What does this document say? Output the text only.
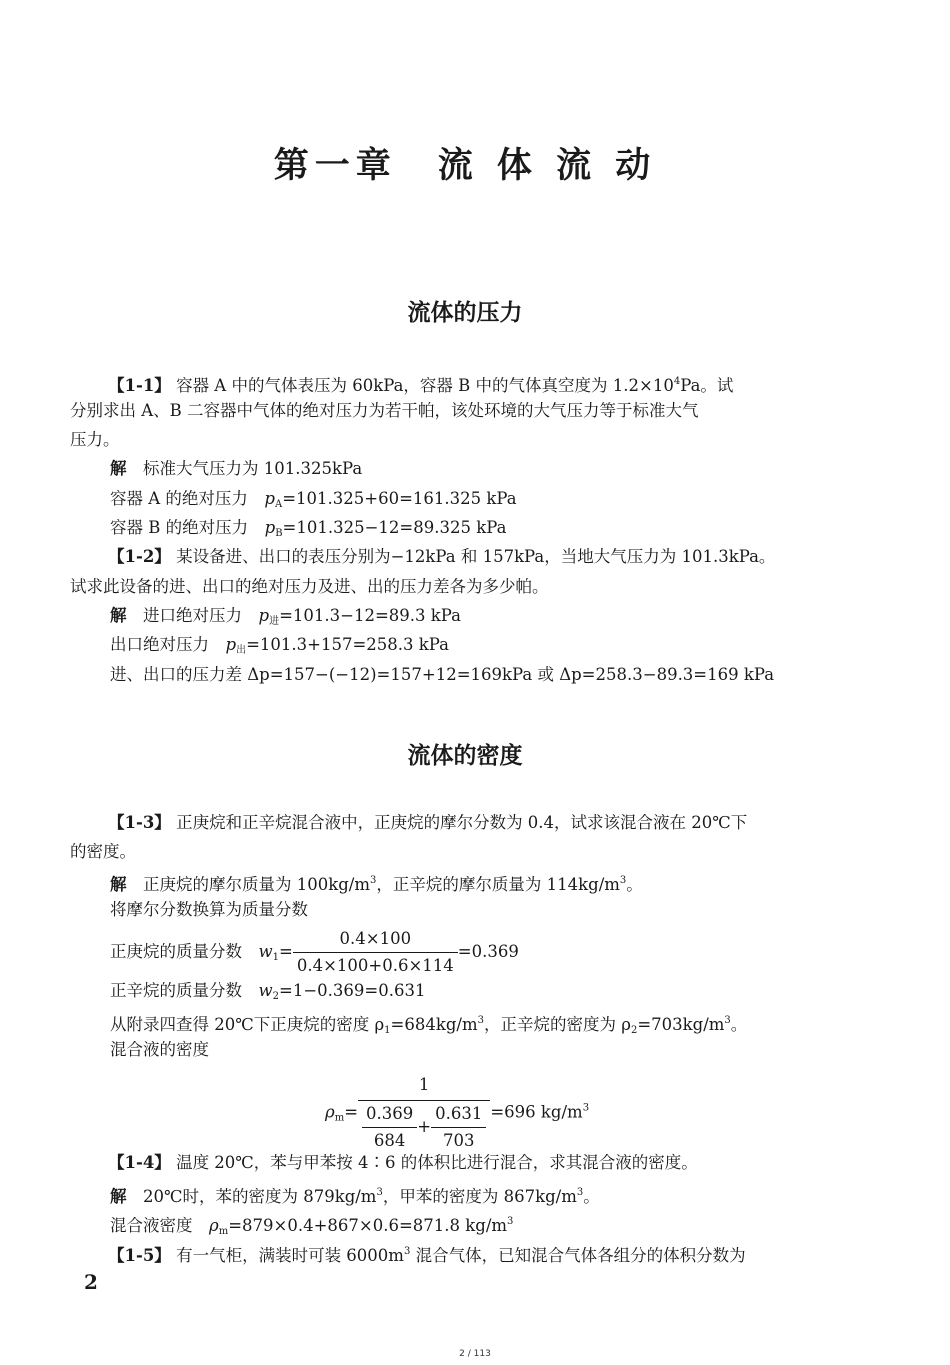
第一章　流 体 流 动
流体的压力
【1-1】 容器 A 中的气体表压为 60kPa，容器 B 中的气体真空度为 $1.2\times 10^4Pa$。试
分别求出 A、B 二容器中气体的绝对压力为若干帕，该处环境的大气压力等于标准大气
压力。
解　 标准大气压力为 101.325kPa
容器 A 的绝对压力　 $p_A=101.325+60=161.325$ kPa
容器 B 的绝对压力　 $p_B=101.325-12=89.325$ kPa
【1-2】 某设备进、出口的表压分别为−12kPa 和 157kPa，当地大气压力为 101.3kPa。
试求此设备的进、出口的绝对压力及进、出的压力差各为多少帕。
解　 进口绝对压力　 $p_进=101.3-12=89.3$ kPa
出口绝对压力　 $p_出=101.3+157=258.3$ kPa
进、出口的压力差 Δp=157−(−12)=157+12=169kPa 或 Δp=258.3−89.3=169 kPa
流体的密度
【1-3】 正庚烷和正辛烷混合液中，正庚烷的摩尔分数为 0.4，试求该混合液在 20℃下
的密度。
解　 正庚烷的摩尔质量为 $100kg/m^3$，正辛烷的摩尔质量为 $114kg/m^3$。
将摩尔分数换算为质量分数
正庚烷的质量分数　 $w_1= \frac{0.4\times 100}{0.4\times 100+0.6\times 114} =0.369$
正辛烷的质量分数　 $w_2=1-0.369=0.631$
从附录四查得 20℃下正庚烷的密度 $\rho_1=684kg/m^3$，正辛烷的密度为 $\rho_2=703kg/m^3$。
混合液的密度
$\rho_m= \frac{1}{\frac{0.369}{684} + \frac{0.631}{703}} =696$ $kg/m^3$
【1-4】 温度 20℃，苯与甲苯按 4∶6 的体积比进行混合，求其混合液的密度。
解　 20℃时，苯的密度为 $879kg/m^3$，甲苯的密度为 $867kg/m^3$。
混合液密度　 $\rho_m=879\times 0.4+867\times 0.6=871.8$ $kg/m^3$
【1-5】 有一气柜，满装时可装 $6000m^3$ 混合气体，已知混合气体各组分的体积分数为
2
2 / 113
